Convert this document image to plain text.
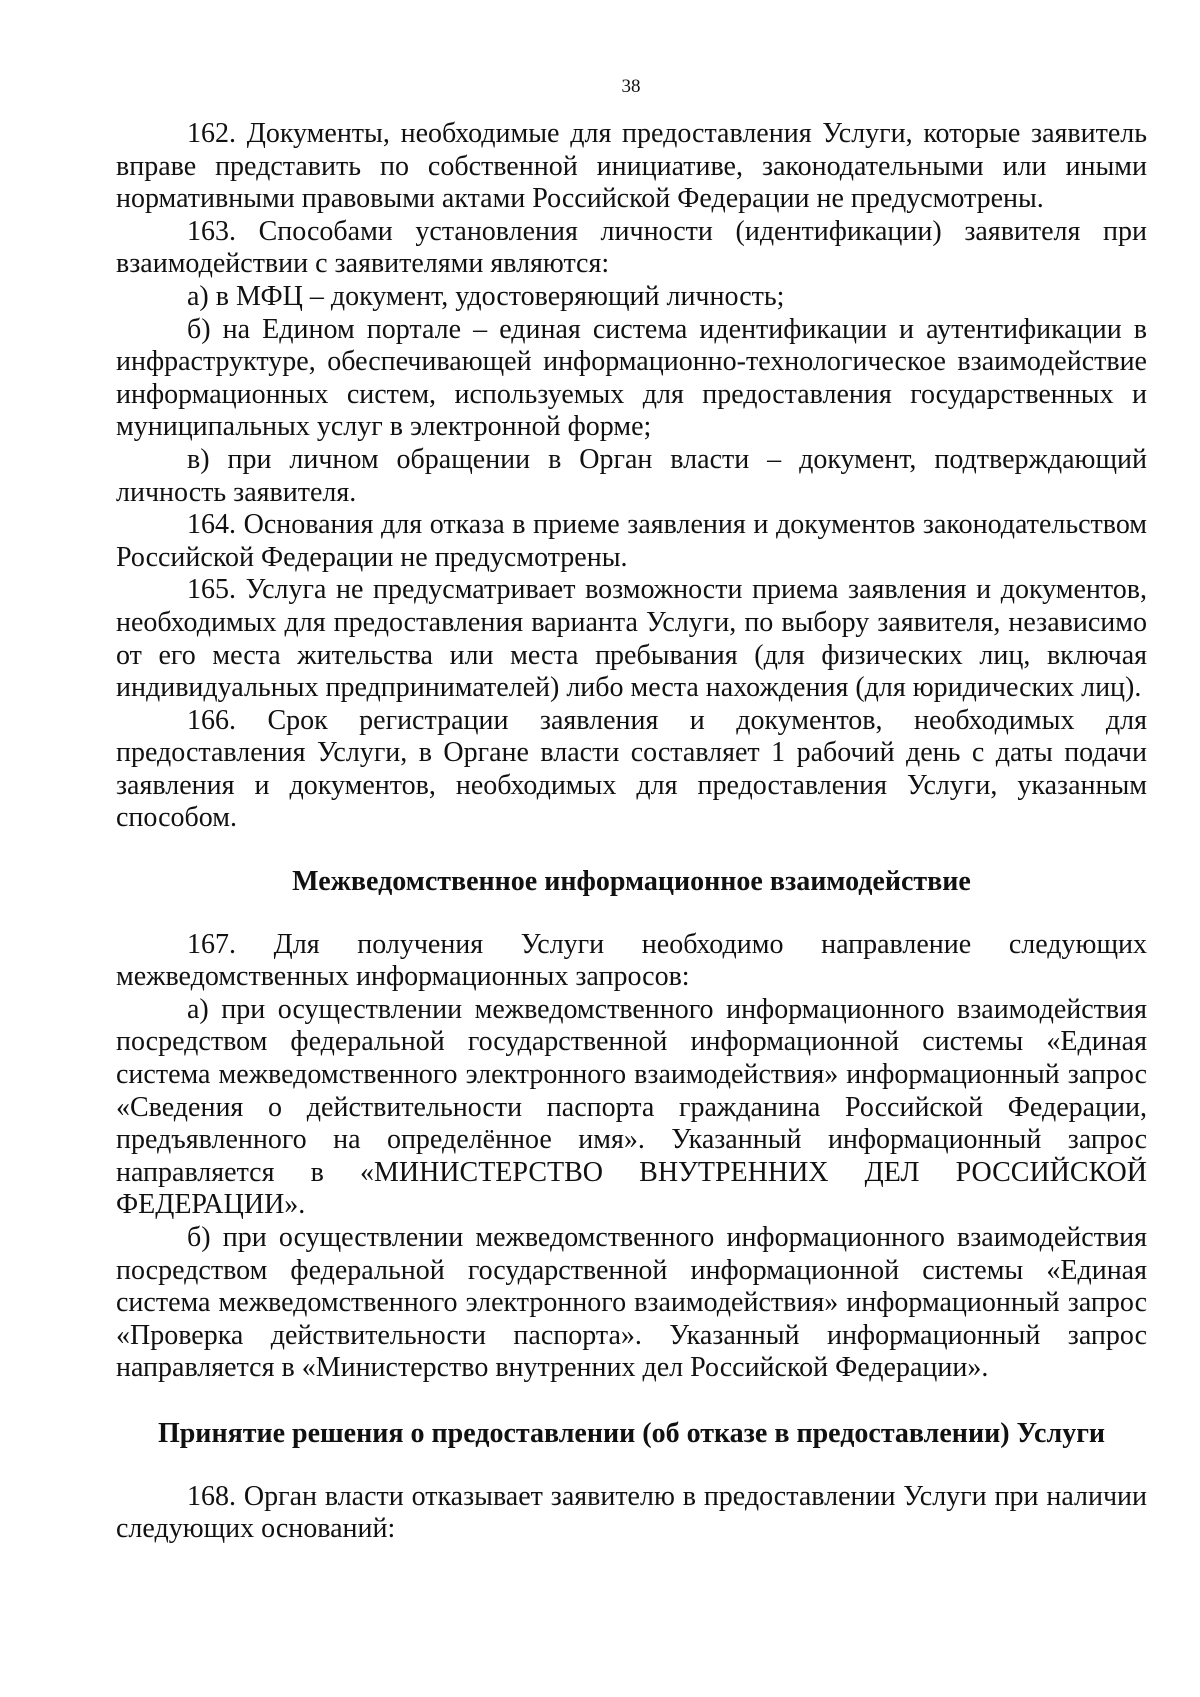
38

162. Документы, необходимые для предоставления Услуги, которые заявитель вправе представить по собственной инициативе, законодательными или иными нормативными правовыми актами Российской Федерации не предусмотрены.

163. Способами установления личности (идентификации) заявителя при взаимодействии с заявителями являются:

а) в МФЦ – документ, удостоверяющий личность;

б) на Едином портале – единая система идентификации и аутентификации в инфраструктуре, обеспечивающей информационно-технологическое взаимодействие информационных систем, используемых для предоставления государственных и муниципальных услуг в электронной форме;

в) при личном обращении в Орган власти – документ, подтверждающий личность заявителя.

164. Основания для отказа в приеме заявления и документов законодательством Российской Федерации не предусмотрены.

165. Услуга не предусматривает возможности приема заявления и документов, необходимых для предоставления варианта Услуги, по выбору заявителя, независимо от его места жительства или места пребывания (для физических лиц, включая индивидуальных предпринимателей) либо места нахождения (для юридических лиц).

166. Срок регистрации заявления и документов, необходимых для предоставления Услуги, в Органе власти составляет 1 рабочий день с даты подачи заявления и документов, необходимых для предоставления Услуги, указанным способом.

Межведомственное информационное взаимодействие

167. Для получения Услуги необходимо направление следующих межведомственных информационных запросов:

а) при осуществлении межведомственного информационного взаимодействия посредством федеральной государственной информационной системы «Единая система межведомственного электронного взаимодействия» информационный запрос «Сведения о действительности паспорта гражданина Российской Федерации, предъявленного на определённое имя». Указанный информационный запрос направляется в «МИНИСТЕРСТВО ВНУТРЕННИХ ДЕЛ РОССИЙСКОЙ ФЕДЕРАЦИИ».

б) при осуществлении межведомственного информационного взаимодействия посредством федеральной государственной информационной системы «Единая система межведомственного электронного взаимодействия» информационный запрос «Проверка действительности паспорта». Указанный информационный запрос направляется в «Министерство внутренних дел Российской Федерации».

Принятие решения о предоставлении (об отказе в предоставлении) Услуги

168. Орган власти отказывает заявителю в предоставлении Услуги при наличии следующих оснований:
